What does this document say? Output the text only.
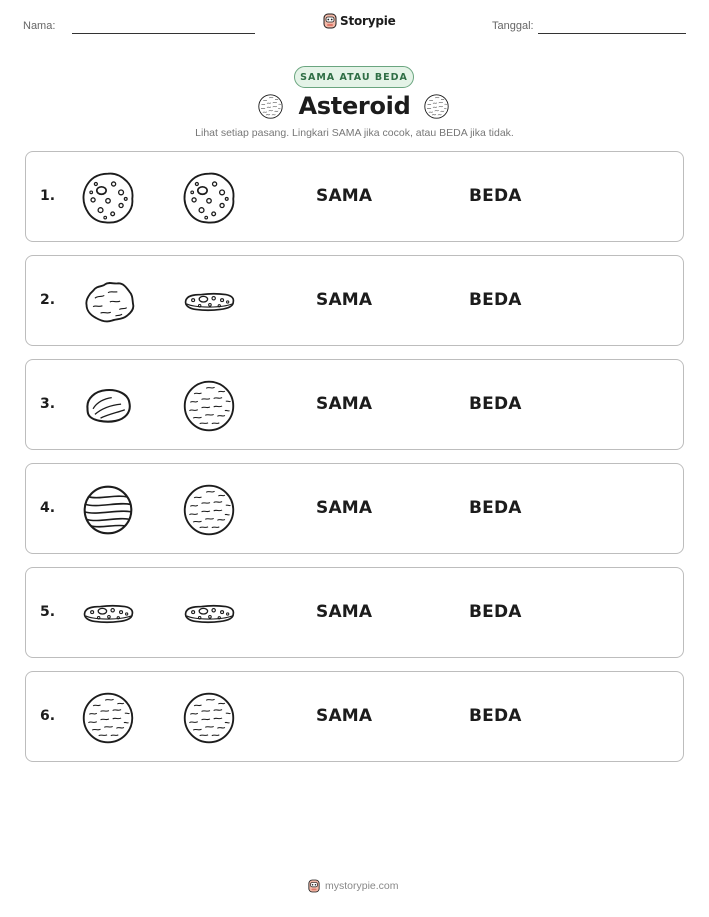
Nama:	Storypie	Tanggal:
SAMA ATAU BEDA
Asteroid
Lihat setiap pasang. Lingkari SAMA jika cocok, atau BEDA jika tidak.
1.	SAMA	BEDA
2.	SAMA	BEDA
3.	SAMA	BEDA
4.	SAMA	BEDA
5.	SAMA	BEDA
6.	SAMA	BEDA
mystorypie.com
